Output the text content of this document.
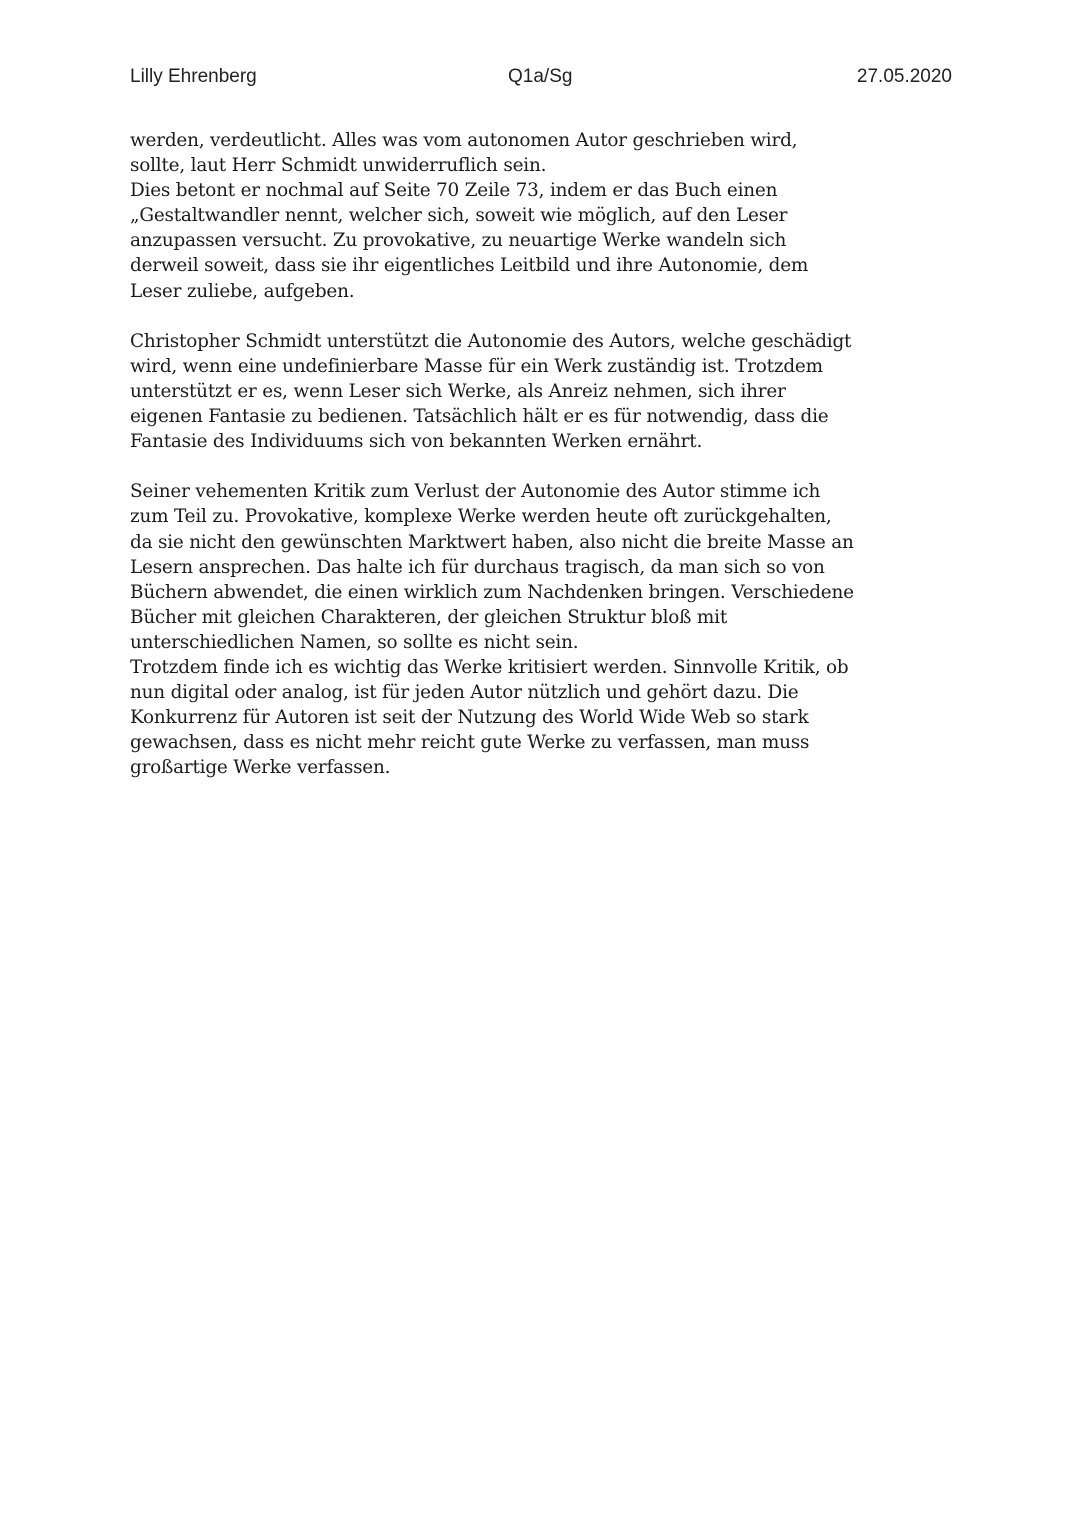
Lilly Ehrenberg	Q1a/Sg	27.05.2020
werden, verdeutlicht. Alles was vom autonomen Autor geschrieben wird,
sollte, laut Herr Schmidt unwiderruflich sein.
Dies betont er nochmal auf Seite 70 Zeile 73, indem er das Buch einen
„Gestaltwandler nennt, welcher sich, soweit wie möglich, auf den Leser
anzupassen versucht. Zu provokative, zu neuartige Werke wandeln sich
derweil soweit, dass sie ihr eigentliches Leitbild und ihre Autonomie, dem
Leser zuliebe, aufgeben.
Christopher Schmidt unterstützt die Autonomie des Autors, welche geschädigt
wird, wenn eine undefinierbare Masse für ein Werk zuständig ist. Trotzdem
unterstützt er es, wenn Leser sich Werke, als Anreiz nehmen, sich ihrer
eigenen Fantasie zu bedienen. Tatsächlich hält er es für notwendig, dass die
Fantasie des Individuums sich von bekannten Werken ernährt.
Seiner vehementen Kritik zum Verlust der Autonomie des Autor stimme ich
zum Teil zu. Provokative, komplexe Werke werden heute oft zurückgehalten,
da sie nicht den gewünschten Marktwert haben, also nicht die breite Masse an
Lesern ansprechen. Das halte ich für durchaus tragisch, da man sich so von
Büchern abwendet, die einen wirklich zum Nachdenken bringen. Verschiedene
Bücher mit gleichen Charakteren, der gleichen Struktur bloß mit
unterschiedlichen Namen, so sollte es nicht sein.
Trotzdem finde ich es wichtig das Werke kritisiert werden. Sinnvolle Kritik, ob
nun digital oder analog, ist für jeden Autor nützlich und gehört dazu. Die
Konkurrenz für Autoren ist seit der Nutzung des World Wide Web so stark
gewachsen, dass es nicht mehr reicht gute Werke zu verfassen, man muss
großartige Werke verfassen.
